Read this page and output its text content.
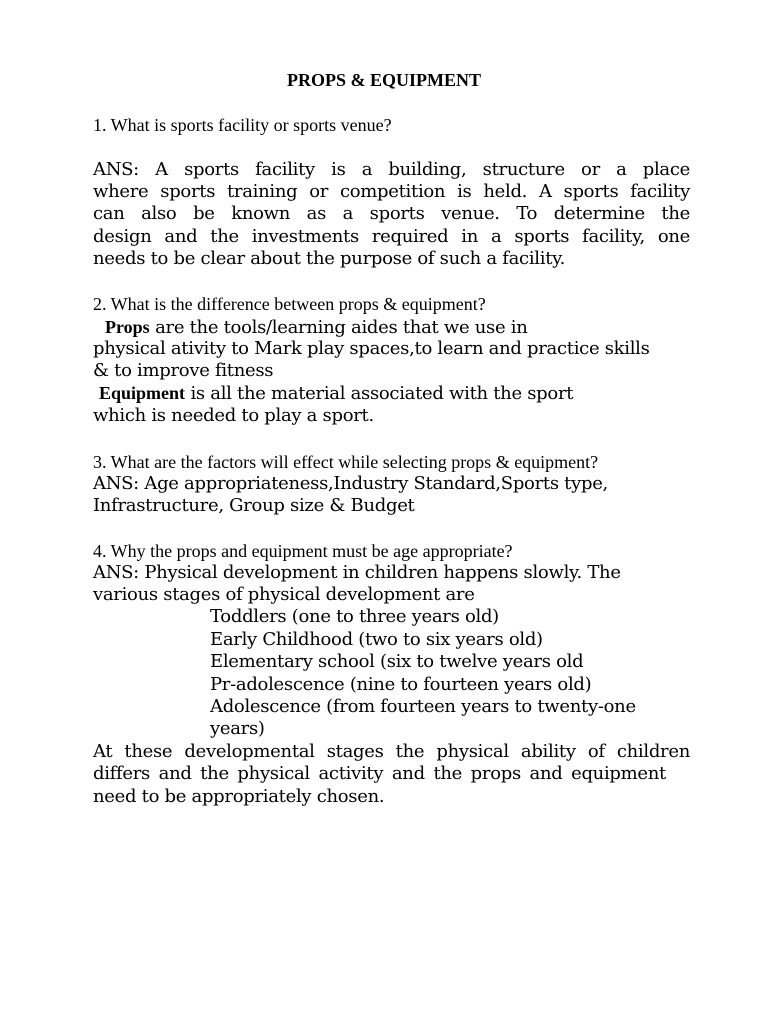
PROPS & EQUIPMENT
1. What is sports facility or sports venue?
ANS: A sports facility is a building, structure or a place
where sports training or competition is held. A sports facility
can also be known as a sports venue. To determine the
design and the investments required in a sports facility, one
needs to be clear about the purpose of such a facility.
2. What is the difference between props & equipment?
Props are the tools/learning aides that we use in
physical ativity to Mark play spaces,to learn and practice skills
& to improve fitness
Equipment is all the material associated with the sport
which is needed to play a sport.
3. What are the factors will effect while selecting props & equipment?
ANS: Age appropriateness,Industry Standard,Sports type,
Infrastructure, Group size & Budget
4. Why the props and equipment must be age appropriate?
ANS: Physical development in children happens slowly. The
various stages of physical development are
Toddlers (one to three years old)
Early Childhood (two to six years old)
Elementary school (six to twelve years old
Pr-adolescence (nine to fourteen years old)
Adolescence (from fourteen years to twenty-one
years)
At these developmental stages the physical ability of children
differs and the physical activity and the props and equipment
need to be appropriately chosen.
